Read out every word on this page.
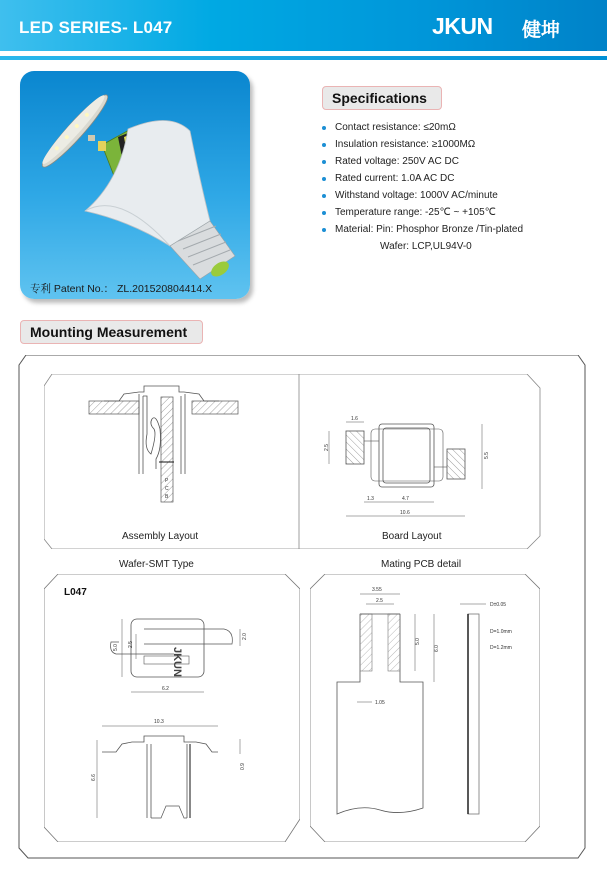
LED SERIES- L047	JKUN 健坤
专利 Patent No.： ZL.201520804414.X
Specifications
Contact resistance: ≤20mΩ
Insulation resistance: ≥1000MΩ
Rated voltage: 250V AC DC
Rated current: 1.0A AC DC
Withstand voltage: 1000V AC/minute
Temperature range: -25℃ ~ +105℃
Material: Pin: Phosphor Bronze /Tin-plated
Wafer: LCP,UL94V-0
Mounting Measurement
P
C
B
Assembly Layout
1.6
2.5
5.5
1.3	4.7
10.6
Board Layout
Wafer-SMT Type
L047
JKUN
5.0 2.5
2.0
6.2
10.3
6.6
0.9
Mating PCB detail
3.55
2.5
5.0
6.0
1.05
D±0.05
D=1.0mm
D=1.2mm
